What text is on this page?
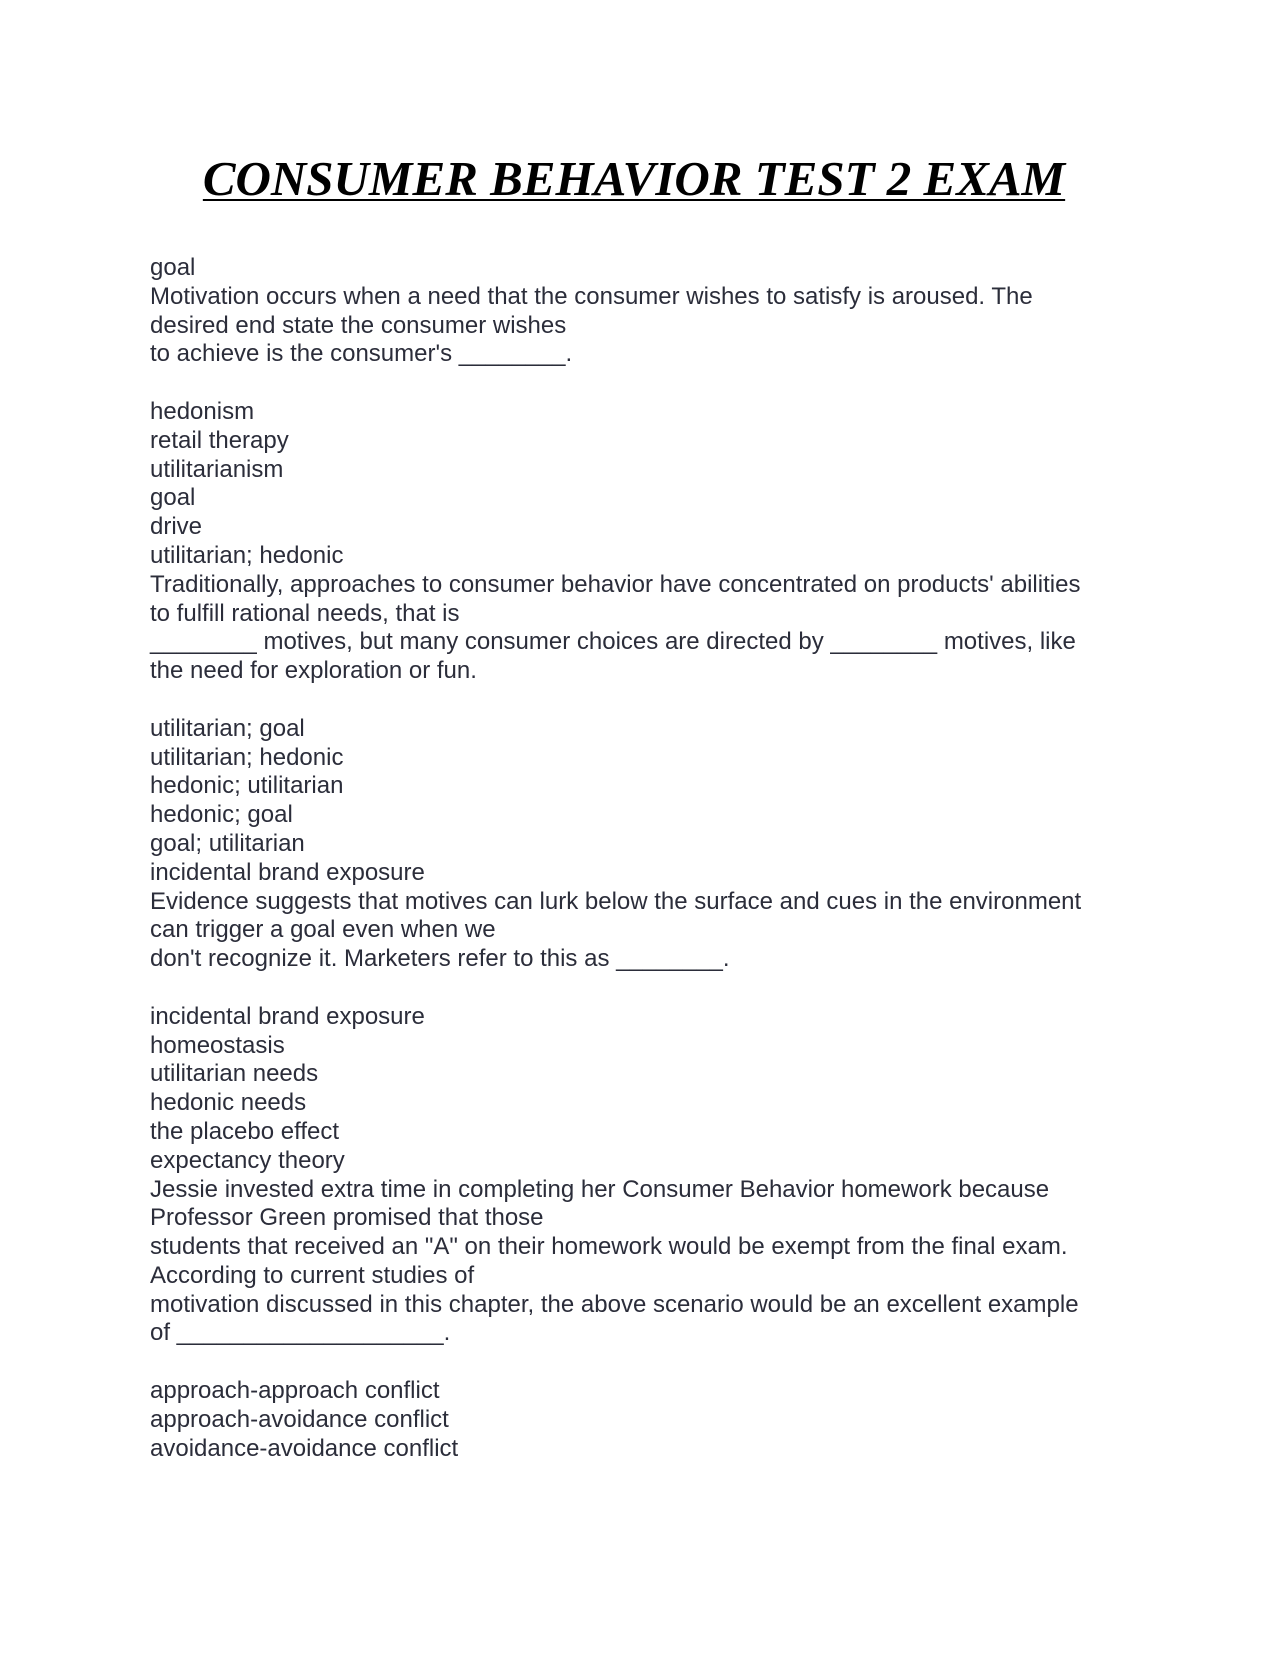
CONSUMER BEHAVIOR TEST 2 EXAM
goal
Motivation occurs when a need that the consumer wishes to satisfy is aroused. The
desired end state the consumer wishes
to achieve is the consumer's ________.
hedonism
retail therapy
utilitarianism
goal
drive
utilitarian; hedonic
Traditionally, approaches to consumer behavior have concentrated on products' abilities
to fulfill rational needs, that is
________ motives, but many consumer choices are directed by ________ motives, like
the need for exploration or fun.
utilitarian; goal
utilitarian; hedonic
hedonic; utilitarian
hedonic; goal
goal; utilitarian
incidental brand exposure
Evidence suggests that motives can lurk below the surface and cues in the environment
can trigger a goal even when we
don't recognize it. Marketers refer to this as ________.
incidental brand exposure
homeostasis
utilitarian needs
hedonic needs
the placebo effect
expectancy theory
Jessie invested extra time in completing her Consumer Behavior homework because
Professor Green promised that those
students that received an "A" on their homework would be exempt from the final exam.
According to current studies of
motivation discussed in this chapter, the above scenario would be an excellent example
of ____________________.
approach-approach conflict
approach-avoidance conflict
avoidance-avoidance conflict
